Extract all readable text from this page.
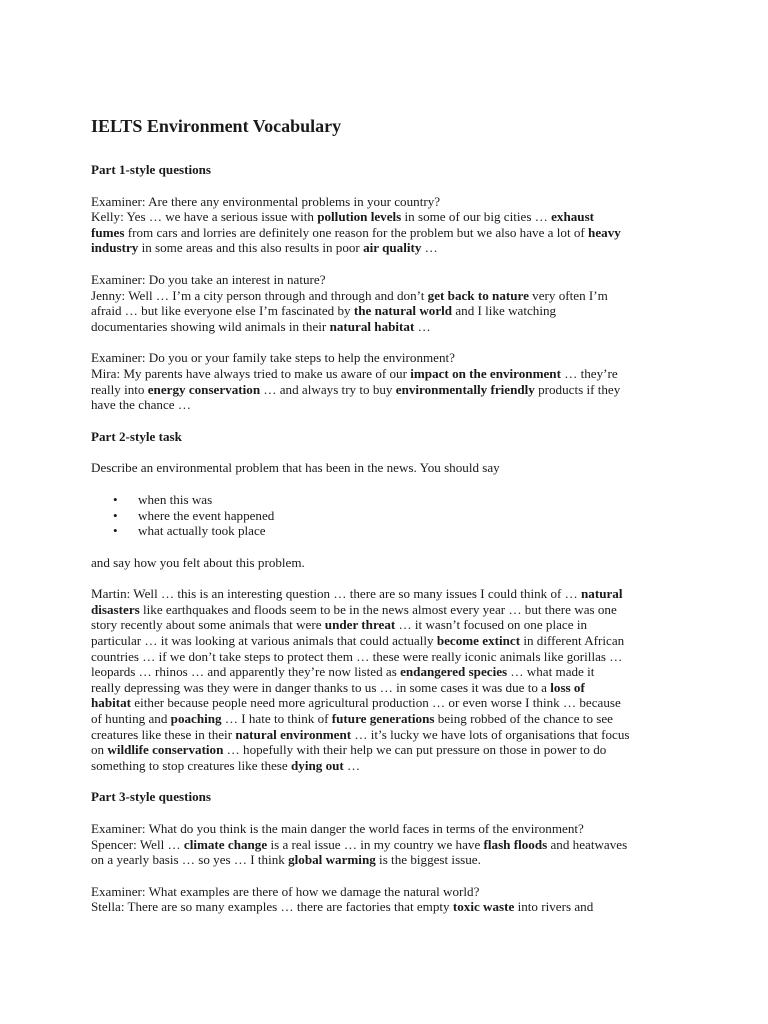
IELTS Environment Vocabulary
Part 1-style questions
Examiner: Are there any environmental problems in your country?
Kelly: Yes … we have a serious issue with pollution levels in some of our big cities … exhaust
fumes from cars and lorries are definitely one reason for the problem but we also have a lot of heavy
industry in some areas and this also results in poor air quality …
Examiner: Do you take an interest in nature?
Jenny: Well … I’m a city person through and through and don’t get back to nature very often I’m
afraid … but like everyone else I’m fascinated by the natural world and I like watching
documentaries showing wild animals in their natural habitat …
Examiner: Do you or your family take steps to help the environment?
Mira: My parents have always tried to make us aware of our impact on the environment … they’re
really into energy conservation … and always try to buy environmentally friendly products if they
have the chance …
Part 2-style task
Describe an environmental problem that has been in the news. You should say
• when this was
• where the event happened
• what actually took place
and say how you felt about this problem.
Martin: Well … this is an interesting question … there are so many issues I could think of … natural
disasters like earthquakes and floods seem to be in the news almost every year … but there was one
story recently about some animals that were under threat … it wasn’t focused on one place in
particular … it was looking at various animals that could actually become extinct in different African
countries … if we don’t take steps to protect them … these were really iconic animals like gorillas …
leopards … rhinos … and apparently they’re now listed as endangered species … what made it
really depressing was they were in danger thanks to us … in some cases it was due to a loss of
habitat either because people need more agricultural production … or even worse I think … because
of hunting and poaching … I hate to think of future generations being robbed of the chance to see
creatures like these in their natural environment … it’s lucky we have lots of organisations that focus
on wildlife conservation … hopefully with their help we can put pressure on those in power to do
something to stop creatures like these dying out …
Part 3-style questions
Examiner: What do you think is the main danger the world faces in terms of the environment?
Spencer: Well … climate change is a real issue … in my country we have flash floods and heatwaves
on a yearly basis … so yes … I think global warming is the biggest issue.
Examiner: What examples are there of how we damage the natural world?
Stella: There are so many examples … there are factories that empty toxic waste into rivers and
